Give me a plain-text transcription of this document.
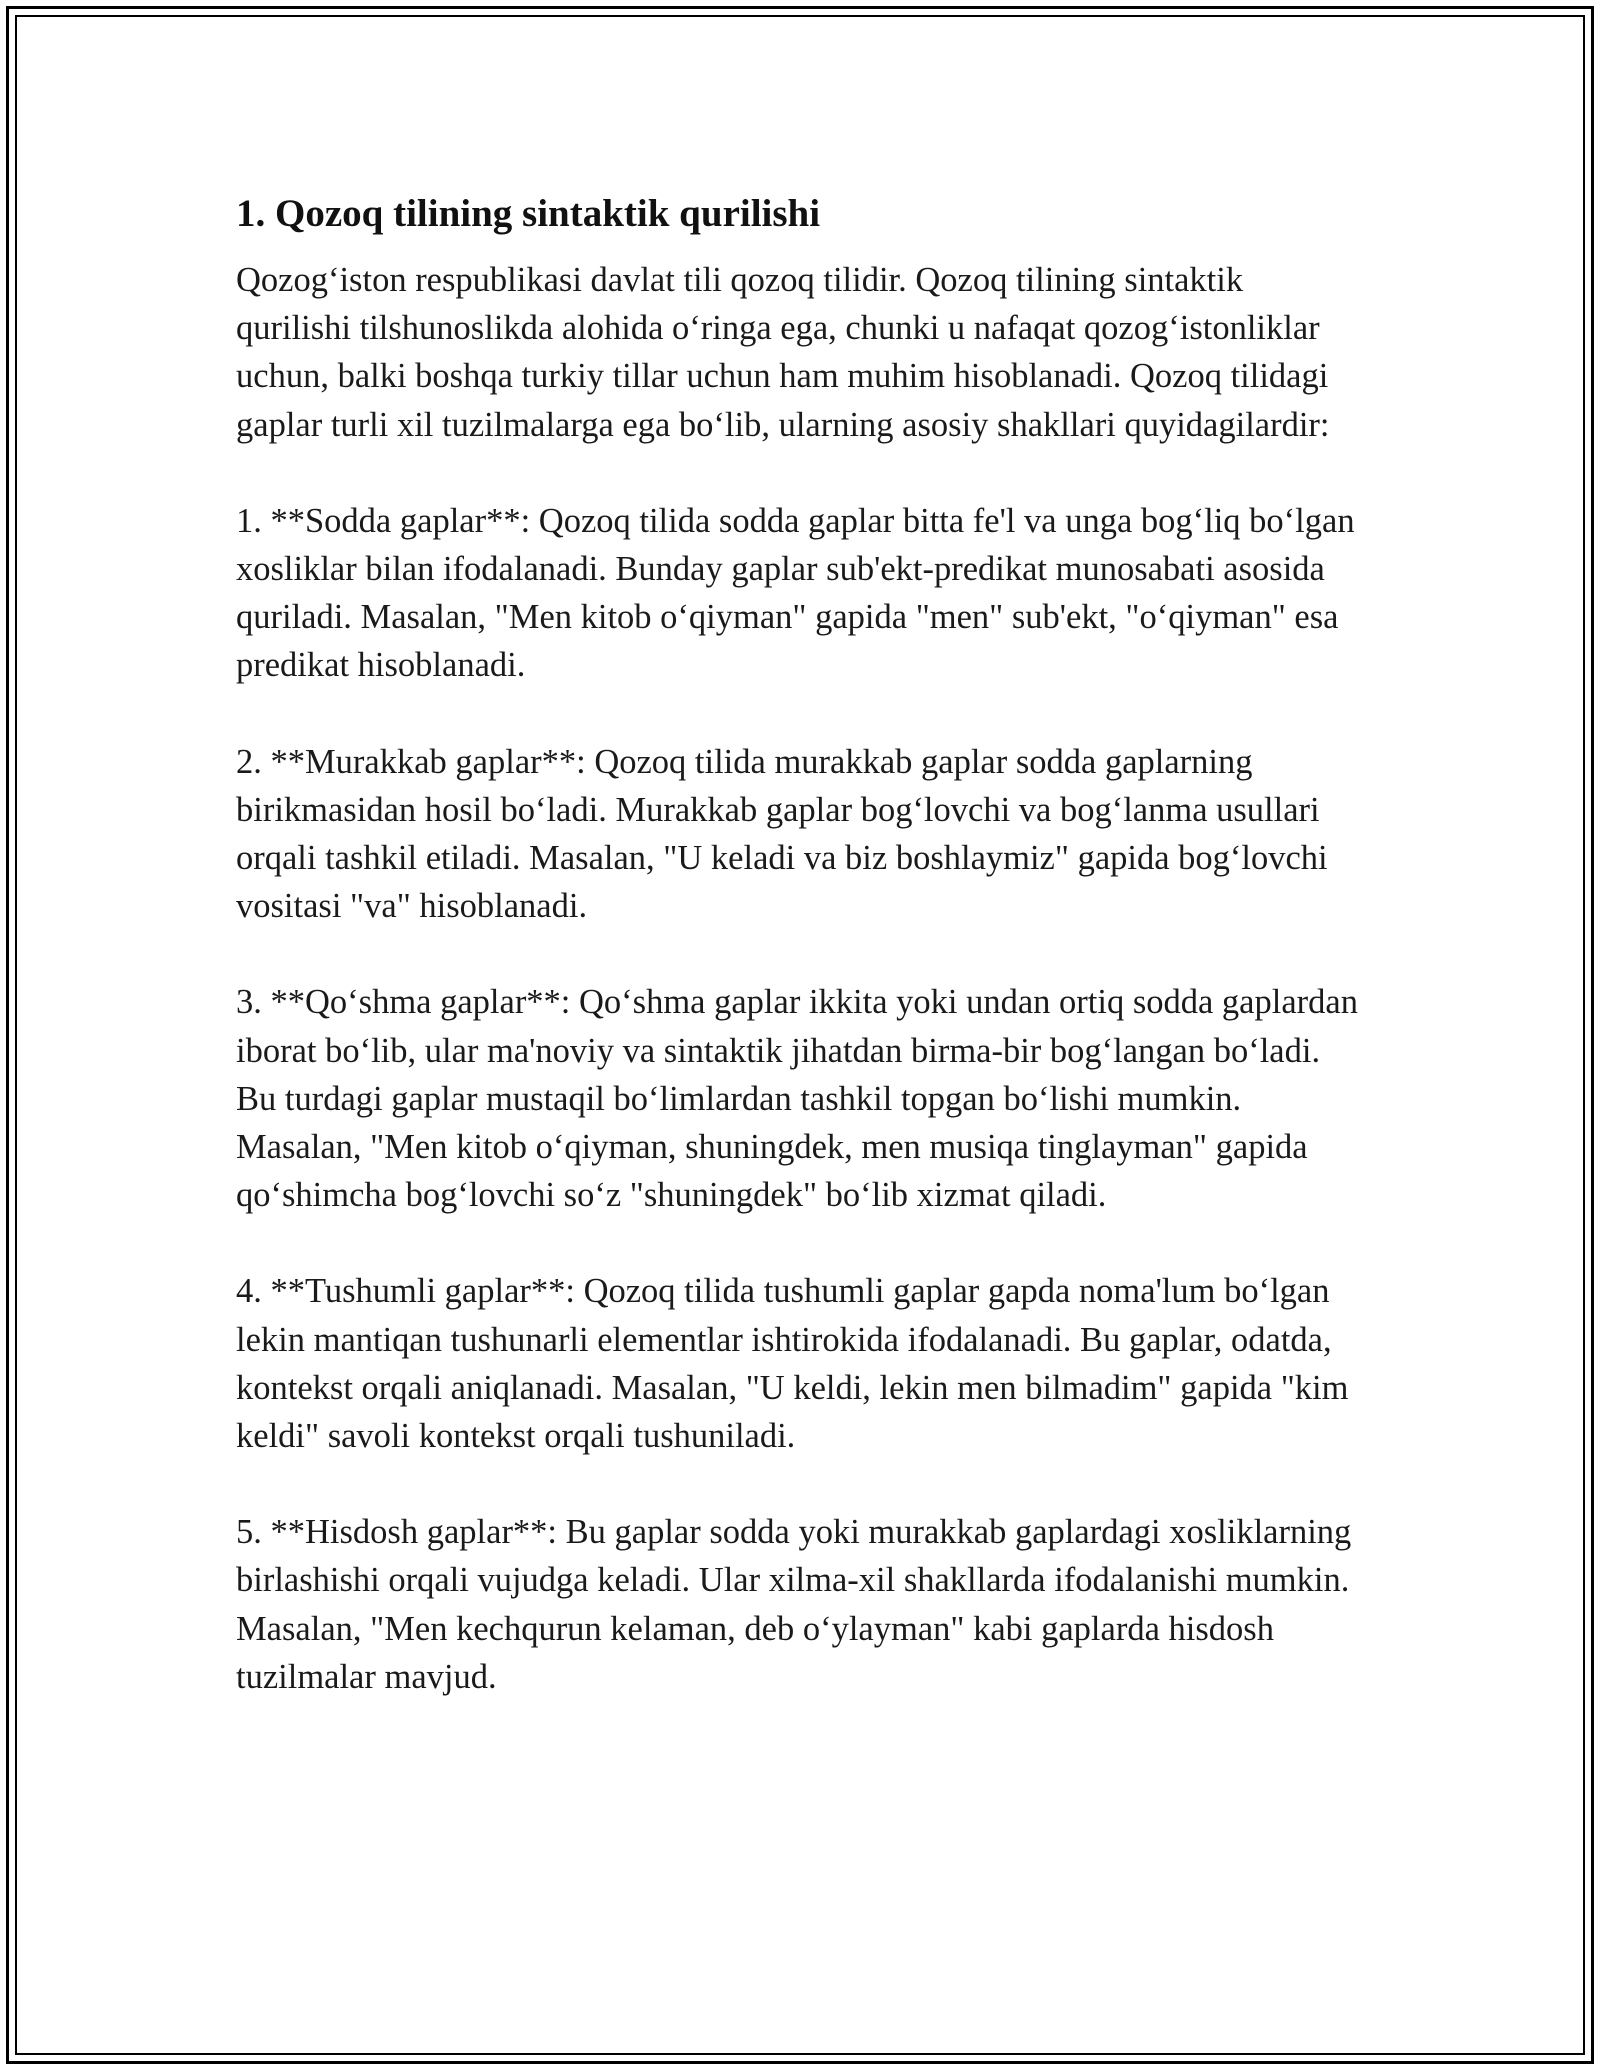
1. Qozoq tilining sintaktik qurilishi

Qozog‘iston respublikasi davlat tili qozoq tilidir. Qozoq tilining sintaktik qurilishi tilshunoslikda alohida o‘ringa ega, chunki u nafaqat qozog‘istonliklar uchun, balki boshqa turkiy tillar uchun ham muhim hisoblanadi. Qozoq tilidagi gaplar turli xil tuzilmalarga ega bo‘lib, ularning asosiy shakllari quyidagilardir:

1. **Sodda gaplar**: Qozoq tilida sodda gaplar bitta fe'l va unga bog‘liq bo‘lgan xosliklar bilan ifodalanadi. Bunday gaplar sub'ekt-predikat munosabati asosida quriladi. Masalan, "Men kitob o‘qiyman" gapida "men" sub'ekt, "o‘qiyman" esa predikat hisoblanadi.

2. **Murakkab gaplar**: Qozoq tilida murakkab gaplar sodda gaplarning birikmasidan hosil bo‘ladi. Murakkab gaplar bog‘lovchi va bog‘lanma usullari orqali tashkil etiladi. Masalan, "U keladi va biz boshlaymiz" gapida bog‘lovchi vositasi "va" hisoblanadi.

3. **Qo‘shma gaplar**: Qo‘shma gaplar ikkita yoki undan ortiq sodda gaplardan iborat bo‘lib, ular ma'noviy va sintaktik jihatdan birma-bir bog‘langan bo‘ladi. Bu turdagi gaplar mustaqil bo‘limlardan tashkil topgan bo‘lishi mumkin. Masalan, "Men kitob o‘qiyman, shuningdek, men musiqa tinglayman" gapida qo‘shimcha bog‘lovchi so‘z "shuningdek" bo‘lib xizmat qiladi.

4. **Tushumli gaplar**: Qozoq tilida tushumli gaplar gapda noma'lum bo‘lgan lekin mantiqan tushunarli elementlar ishtirokida ifodalanadi. Bu gaplar, odatda, kontekst orqali aniqlanadi. Masalan, "U keldi, lekin men bilmadim" gapida "kim keldi" savoli kontekst orqali tushuniladi.

5. **Hisdosh gaplar**: Bu gaplar sodda yoki murakkab gaplardagi xosliklarning birlashishi orqali vujudga keladi. Ular xilma-xil shakllarda ifodalanishi mumkin. Masalan, "Men kechqurun kelaman, deb o‘ylayman" kabi gaplarda hisdosh tuzilmalar mavjud.
